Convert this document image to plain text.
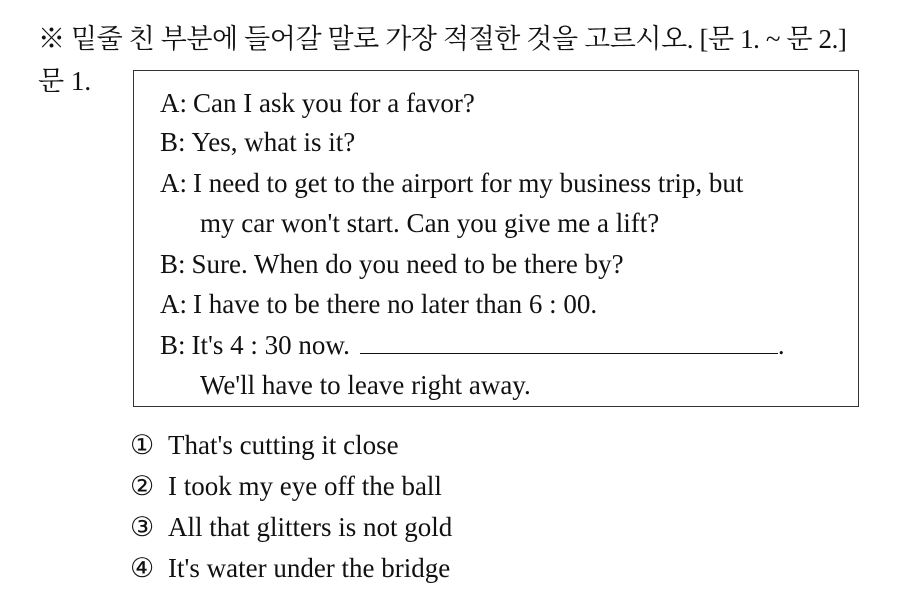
※ 밑줄 친 부분에 들어갈 말로 가장 적절한 것을 고르시오. [문 1. ~ 문 2.]
문 1.
A: Can I ask you for a favor?
B: Yes, what is it?
A: I need to get to the airport for my business trip, but
my car won't start. Can you give me a lift?
B: Sure. When do you need to be there by?
A: I have to be there no later than 6 : 00.
B: It's 4 : 30 now.	.
We'll have to leave right away.
① That's cutting it close
② I took my eye off the ball
③ All that glitters is not gold
④ It's water under the bridge
